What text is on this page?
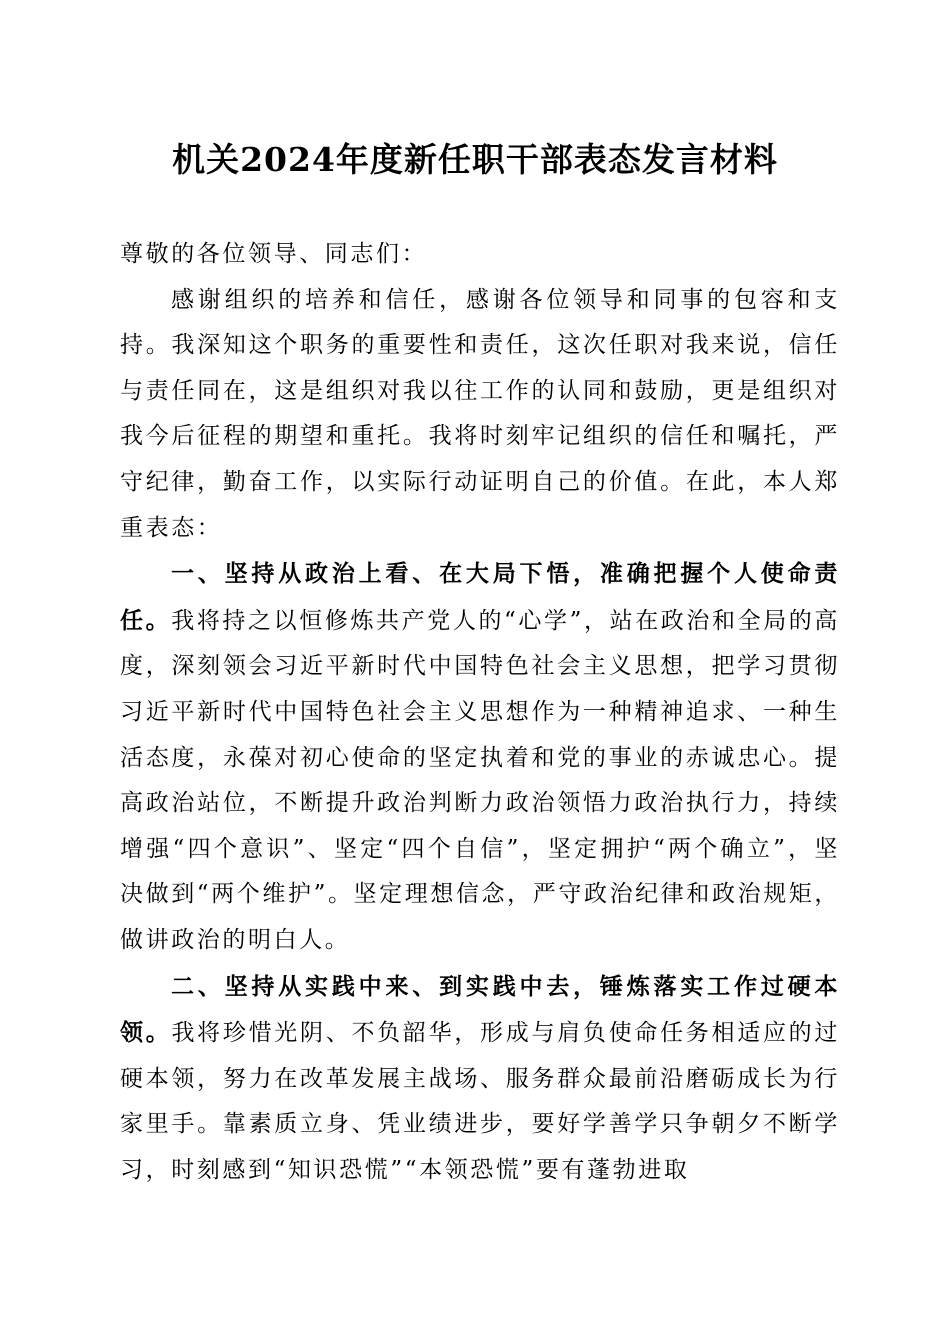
机关2024年度新任职干部表态发言材料

尊敬的各位领导、同志们：

感谢组织的培养和信任，感谢各位领导和同事的包容和支持。我深知这个职务的重要性和责任，这次任职对我来说，信任与责任同在，这是组织对我以往工作的认同和鼓励，更是组织对我今后征程的期望和重托。我将时刻牢记组织的信任和嘱托，严守纪律，勤奋工作，以实际行动证明自己的价值。在此，本人郑重表态：

一、坚持从政治上看、在大局下悟，准确把握个人使命责任。我将持之以恒修炼共产党人的“心学”，站在政治和全局的高度，深刻领会习近平新时代中国特色社会主义思想，把学习贯彻习近平新时代中国特色社会主义思想作为一种精神追求、一种生活态度，永葆对初心使命的坚定执着和党的事业的赤诚忠心。提高政治站位，不断提升政治判断力政治领悟力政治执行力，持续增强“四个意识”、坚定“四个自信”，坚定拥护“两个确立”，坚决做到“两个维护”。坚定理想信念，严守政治纪律和政治规矩，做讲政治的明白人。

二、坚持从实践中来、到实践中去，锤炼落实工作过硬本领。我将珍惜光阴、不负韶华，形成与肩负使命任务相适应的过硬本领，努力在改革发展主战场、服务群众最前沿磨砺成长为行家里手。靠素质立身、凭业绩进步，要好学善学只争朝夕不断学习，时刻感到“知识恐慌”“本领恐慌”要有蓬勃进取
